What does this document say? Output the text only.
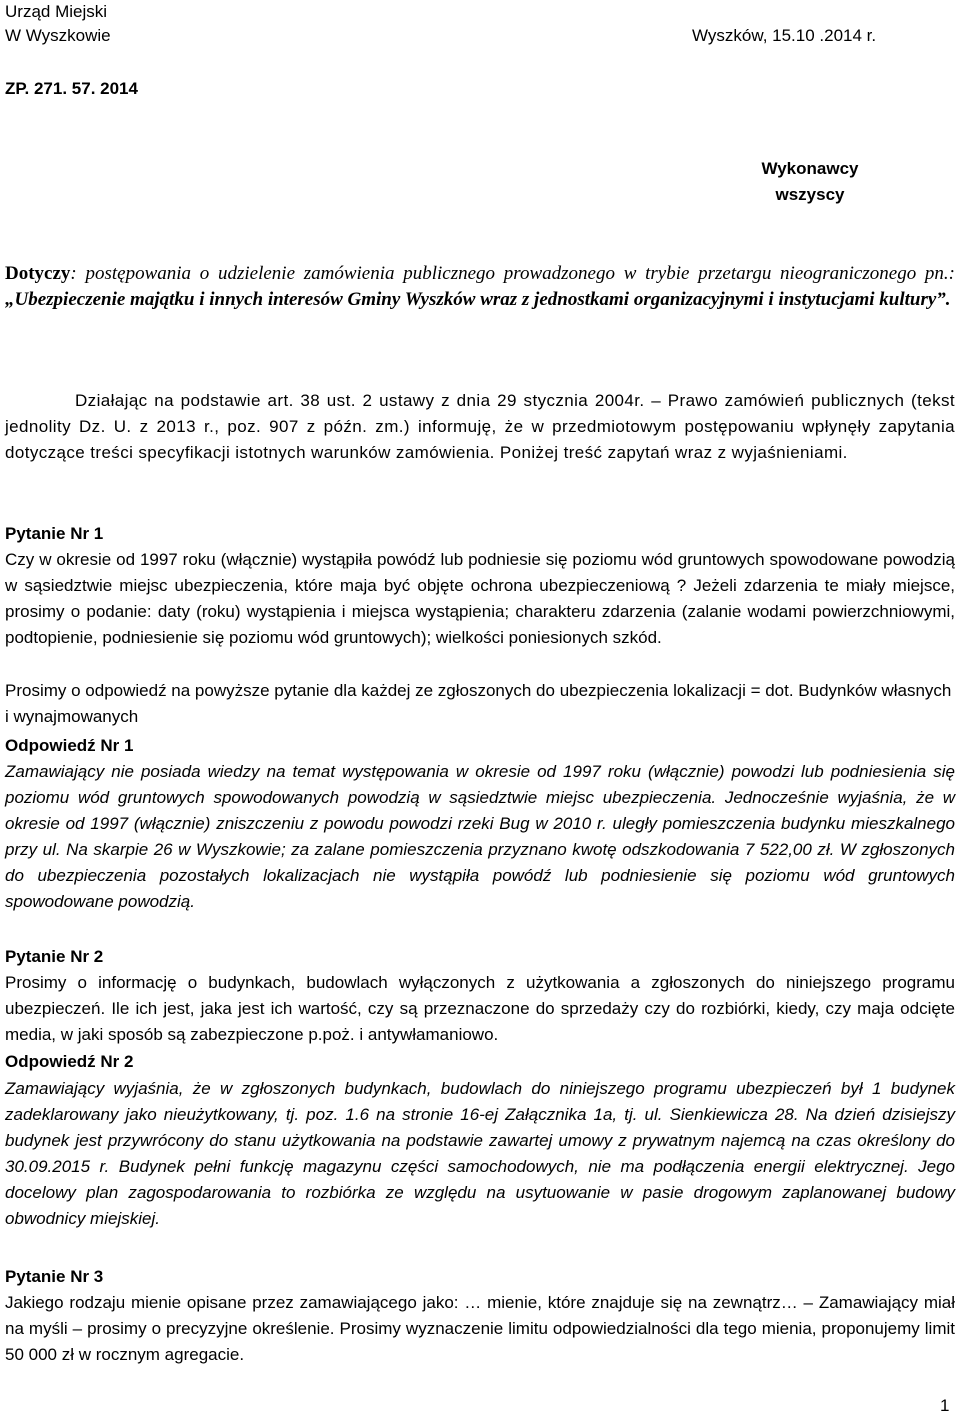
Urząd Miejski
W Wyszkowie	Wyszków, 15.10 .2014 r.
ZP. 271. 57. 2014
Wykonawcy
wszyscy

Dotyczy: postępowania o udzielenie zamówienia publicznego prowadzonego w trybie przetargu nieograniczonego pn.: „Ubezpieczenie majątku i innych interesów Gminy Wyszków wraz z jednostkami organizacyjnymi i instytucjami kultury”.

Działając na podstawie art. 38 ust. 2 ustawy z dnia 29 stycznia 2004r. – Prawo zamówień publicznych (tekst jednolity Dz. U. z 2013 r., poz. 907 z późn. zm.) informuję, że w przedmiotowym postępowaniu wpłynęły zapytania dotyczące treści specyfikacji istotnych warunków zamówienia. Poniżej treść zapytań wraz z wyjaśnieniami.

Pytanie Nr 1

Czy w okresie od 1997 roku (włącznie) wystąpiła powódź lub podniesie się poziomu wód gruntowych spowodowane powodzią w sąsiedztwie miejsc ubezpieczenia, które maja być objęte ochrona ubezpieczeniową ? Jeżeli zdarzenia te miały miejsce, prosimy o podanie: daty (roku) wystąpienia i miejsca wystąpienia; charakteru zdarzenia (zalanie wodami powierzchniowymi, podtopienie, podniesienie się poziomu wód gruntowych); wielkości poniesionych szkód.

Prosimy o odpowiedź na powyższe pytanie dla każdej ze zgłoszonych do ubezpieczenia lokalizacji = dot. Budynków własnych i wynajmowanych

Odpowiedź Nr 1

Zamawiający nie posiada wiedzy na temat występowania w okresie od 1997 roku (włącznie) powodzi lub podniesienia się poziomu wód gruntowych spowodowanych powodzią w sąsiedztwie miejsc ubezpieczenia. Jednocześnie wyjaśnia, że w okresie od 1997 (włącznie) zniszczeniu z powodu powodzi rzeki Bug w 2010 r. uległy pomieszczenia budynku mieszkalnego przy ul. Na skarpie 26 w Wyszkowie; za zalane pomieszczenia przyznano kwotę odszkodowania 7 522,00 zł. W zgłoszonych do ubezpieczenia pozostałych lokalizacjach nie wystąpiła powódź lub podniesienie się poziomu wód gruntowych spowodowane powodzią.

Pytanie Nr 2

Prosimy o informację o budynkach, budowlach wyłączonych z użytkowania a zgłoszonych do niniejszego programu ubezpieczeń. Ile ich jest, jaka jest ich wartość, czy są przeznaczone do sprzedaży czy do rozbiórki, kiedy, czy maja odcięte media, w jaki sposób są zabezpieczone p.poż. i antywłamaniowo.

Odpowiedź Nr 2

Zamawiający wyjaśnia, że w zgłoszonych budynkach, budowlach do niniejszego programu ubezpieczeń był 1 budynek zadeklarowany jako nieużytkowany, tj. poz. 1.6 na stronie 16-ej Załącznika 1a, tj. ul. Sienkiewicza 28. Na dzień dzisiejszy budynek jest przywrócony do stanu użytkowania na podstawie zawartej umowy z prywatnym najemcą na czas określony do 30.09.2015 r. Budynek pełni funkcję magazynu części samochodowych, nie ma podłączenia energii elektrycznej. Jego docelowy plan zagospodarowania to rozbiórka ze względu na usytuowanie w pasie drogowym zaplanowanej budowy obwodnicy miejskiej.

Pytanie Nr 3

Jakiego rodzaju mienie opisane przez zamawiającego jako: … mienie, które znajduje się na zewnątrz… – Zamawiający miał na myśli – prosimy o precyzyjne określenie. Prosimy wyznaczenie limitu odpowiedzialności dla tego mienia, proponujemy limit 50 000 zł w rocznym agregacie.

1
